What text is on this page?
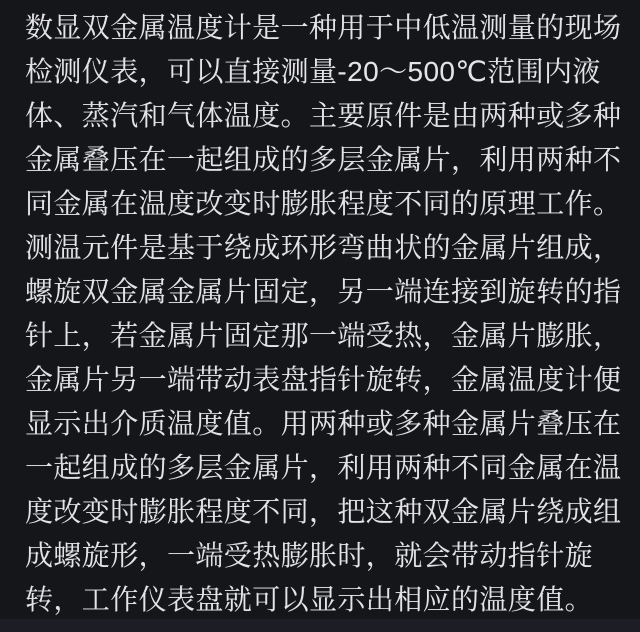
数显双金属温度计是一种用于中低温测量的现场
检测仪表，可以直接测量-20～500℃范围内液
体、蒸汽和气体温度。主要原件是由两种或多种
金属叠压在一起组成的多层金属片，利用两种不
同金属在温度改变时膨胀程度不同的原理工作。
测温元件是基于绕成环形弯曲状的金属片组成，
螺旋双金属金属片固定，另一端连接到旋转的指
针上，若金属片固定那一端受热，金属片膨胀，
金属片另一端带动表盘指针旋转，金属温度计便
显示出介质温度值。用两种或多种金属片叠压在
一起组成的多层金属片，利用两种不同金属在温
度改变时膨胀程度不同，把这种双金属片绕成组
成螺旋形，一端受热膨胀时，就会带动指针旋
转，工作仪表盘就可以显示出相应的温度值。
